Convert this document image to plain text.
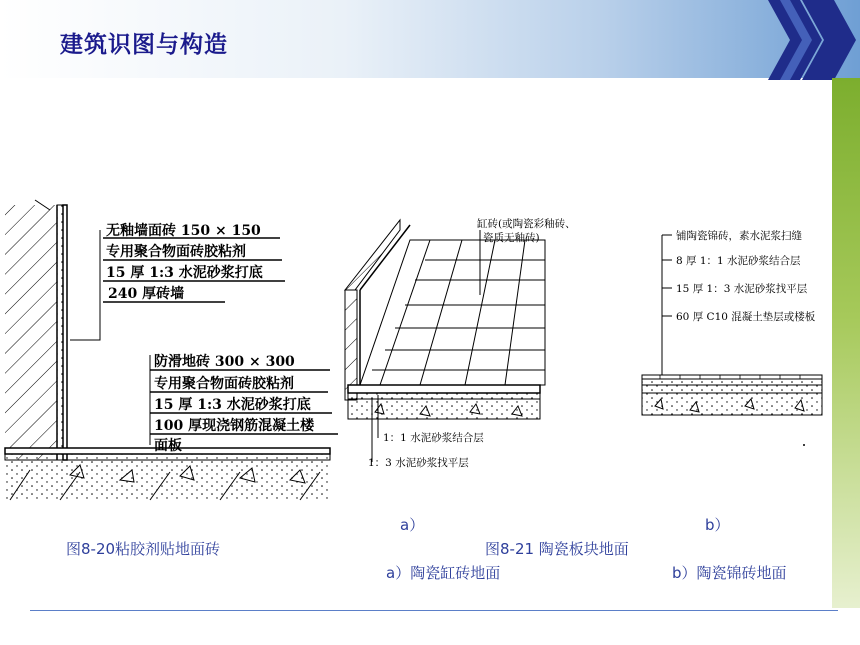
建筑识图与构造
无釉墙面砖 150 × 150
专用聚合物面砖胶粘剂
15 厚 1:3 水泥砂浆打底
240 厚砖墙
防滑地砖 300 × 300
专用聚合物面砖胶粘剂
15 厚 1:3 水泥砂浆打底
100 厚现浇钢筋混凝土楼
面板
缸砖(或陶瓷彩釉砖、
瓷质无釉砖)
1：1 水泥砂浆结合层
1：3 水泥砂浆找平层
铺陶瓷锦砖，素水泥浆扫缝
8 厚 1：1 水泥砂浆结合层
15 厚 1：3 水泥砂浆找平层
60 厚 C10 混凝土垫层或楼板
a）	b）
图8-20粘胶剂贴地面砖	图8-21 陶瓷板块地面
a）陶瓷缸砖地面	b）陶瓷锦砖地面
